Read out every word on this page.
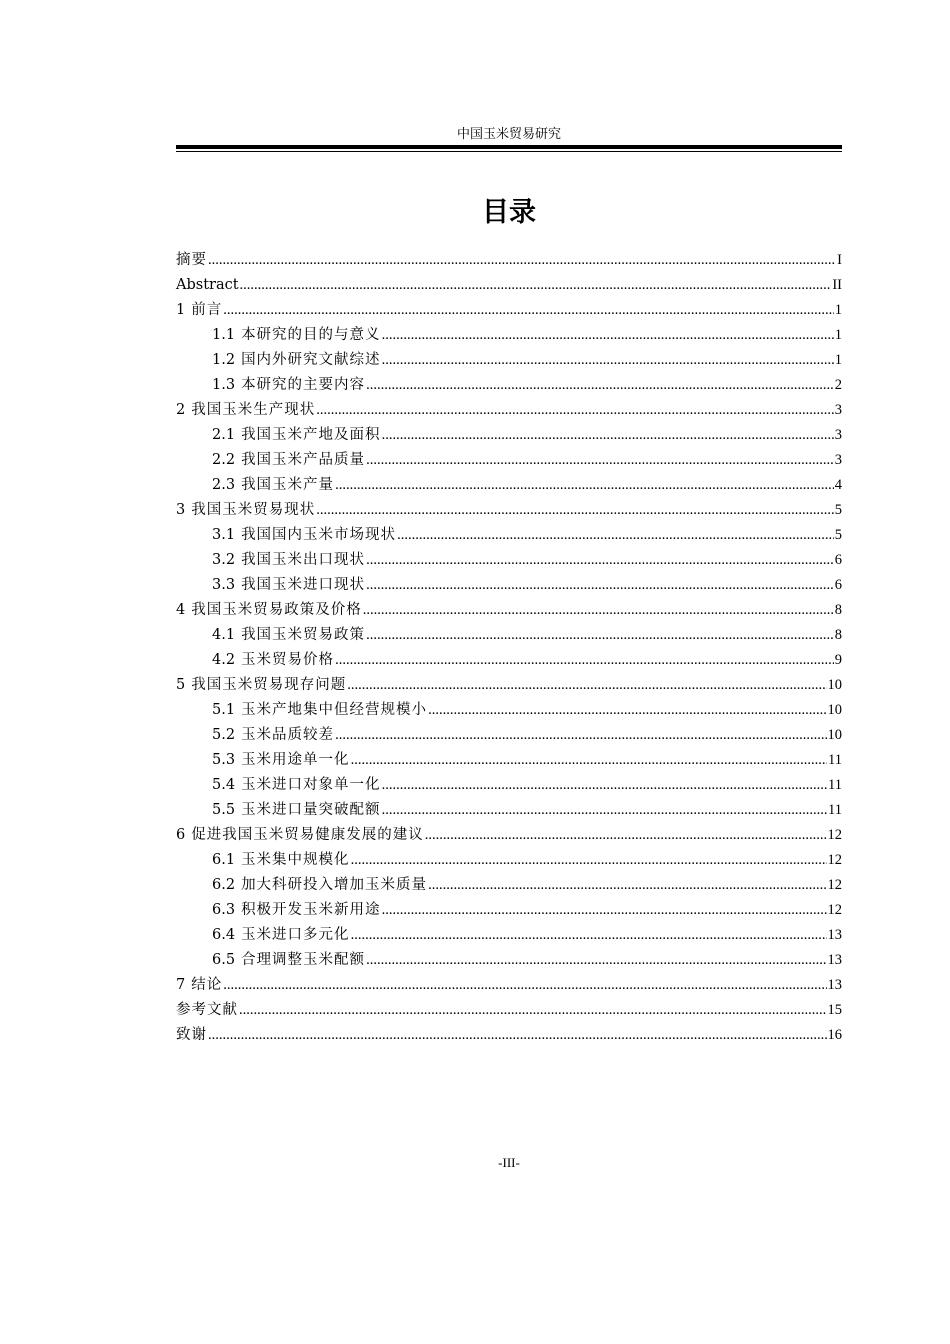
中国玉米贸易研究
目录
摘要 .....	I
Abstract .....	II
1 前言 .....	1
1.1 本研究的目的与意义 .....	1
1.2 国内外研究文献综述 .....	1
1.3 本研究的主要内容 .....	2
2 我国玉米生产现状 .....	3
2.1 我国玉米产地及面积 .....	3
2.2 我国玉米产品质量 .....	3
2.3 我国玉米产量 .....	4
3 我国玉米贸易现状 .....	5
3.1 我国国内玉米市场现状 .....	5
3.2 我国玉米出口现状 .....	6
3.3 我国玉米进口现状 .....	6
4 我国玉米贸易政策及价格 .....	8
4.1 我国玉米贸易政策 .....	8
4.2 玉米贸易价格 .....	9
5 我国玉米贸易现存问题 .....	10
5.1 玉米产地集中但经营规模小 .....	10
5.2 玉米品质较差 .....	10
5.3 玉米用途单一化 .....	11
5.4 玉米进口对象单一化 .....	11
5.5 玉米进口量突破配额 .....	11
6 促进我国玉米贸易健康发展的建议 .....	12
6.1 玉米集中规模化 .....	12
6.2 加大科研投入增加玉米质量 .....	12
6.3 积极开发玉米新用途 .....	12
6.4 玉米进口多元化 .....	13
6.5 合理调整玉米配额 .....	13
7 结论 .....	13
参考文献 .....	15
致谢 .....	16
-III-
